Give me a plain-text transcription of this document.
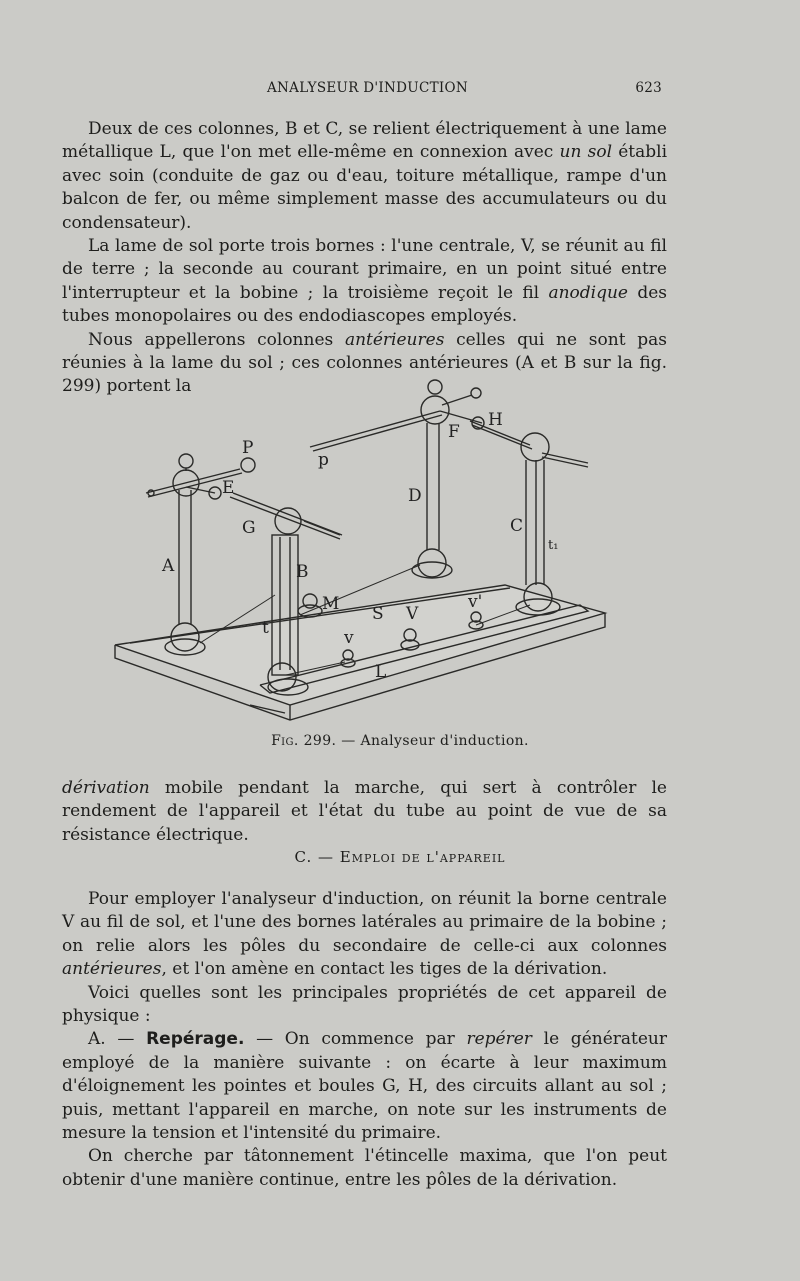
ANALYSEUR D'INDUCTION	623

Deux de ces colonnes, B et C, se relient électriquement à une lame métallique L, que l'on met elle-même en connexion avec un sol établi avec soin (conduite de gaz ou d'eau, toiture métallique, rampe d'un balcon de fer, ou même simplement masse des accumulateurs ou du condensateur).

La lame de sol porte trois bornes : l'une centrale, V, se réunit au fil de terre ; la seconde au courant primaire, en un point situé entre l'interrupteur et la bobine ; la troisième reçoit le fil anodique des tubes monopolaires ou des endodiascopes employés.

Nous appellerons colonnes antérieures celles qui ne sont pas réunies à la lame du sol ; ces colonnes antérieures (A et B sur la fig. 299) portent la

P
p
E
G
A	B
M
t
S V
v
v'
L
D
F
H
C
t₁
Fig. 299. — Analyseur d'induction.

dérivation mobile pendant la marche, qui sert à contrôler le rendement de l'appareil et l'état du tube au point de vue de sa résistance électrique.

C. — Emploi de l'appareil

Pour employer l'analyseur d'induction, on réunit la borne centrale V au fil de sol, et l'une des bornes latérales au primaire de la bobine ; on relie alors les pôles du secondaire de celle-ci aux colonnes antérieures, et l'on amène en contact les tiges de la dérivation.

Voici quelles sont les principales propriétés de cet appareil de physique :

A. — Repérage. — On commence par repérer le générateur employé de la manière suivante : on écarte à leur maximum d'éloignement les pointes et boules G, H, des circuits allant au sol ; puis, mettant l'appareil en marche, on note sur les instruments de mesure la tension et l'intensité du primaire.

On cherche par tâtonnement l'étincelle maxima, que l'on peut obtenir d'une manière continue, entre les pôles de la dérivation.
